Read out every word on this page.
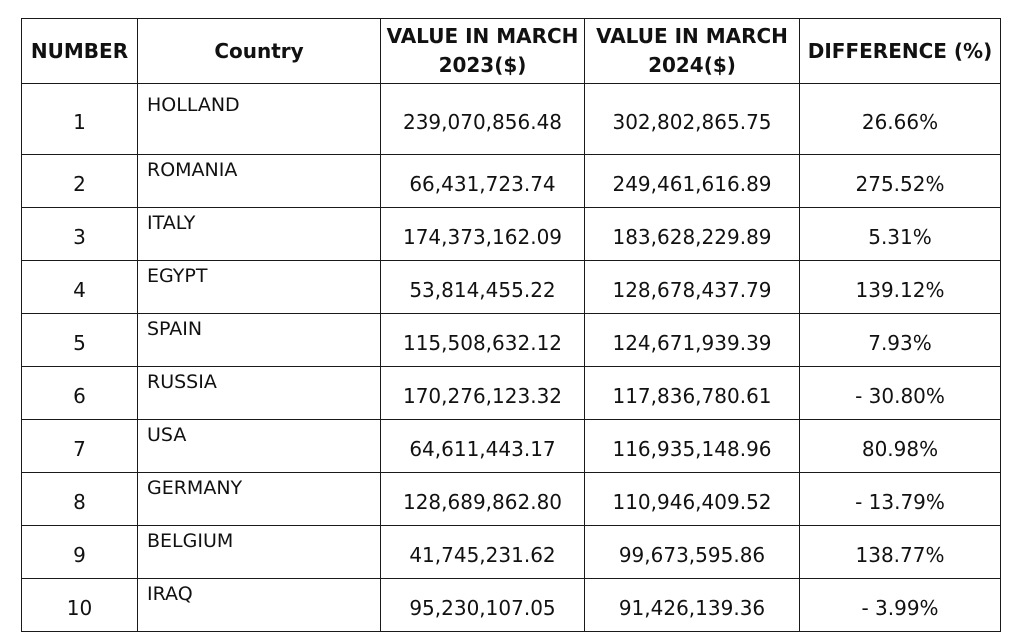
NUMBER	Country	VALUE IN MARCH 2023($)	VALUE IN MARCH 2024($)	DIFFERENCE (%)
1	HOLLAND	239,070,856.48	302,802,865.75	26.66%
2	ROMANIA	66,431,723.74	249,461,616.89	275.52%
3	ITALY	174,373,162.09	183,628,229.89	5.31%
4	EGYPT	53,814,455.22	128,678,437.79	139.12%
5	SPAIN	115,508,632.12	124,671,939.39	7.93%
6	RUSSIA	170,276,123.32	117,836,780.61	- 30.80%
7	USA	64,611,443.17	116,935,148.96	80.98%
8	GERMANY	128,689,862.80	110,946,409.52	- 13.79%
9	BELGIUM	41,745,231.62	99,673,595.86	138.77%
10	IRAQ	95,230,107.05	91,426,139.36	- 3.99%
